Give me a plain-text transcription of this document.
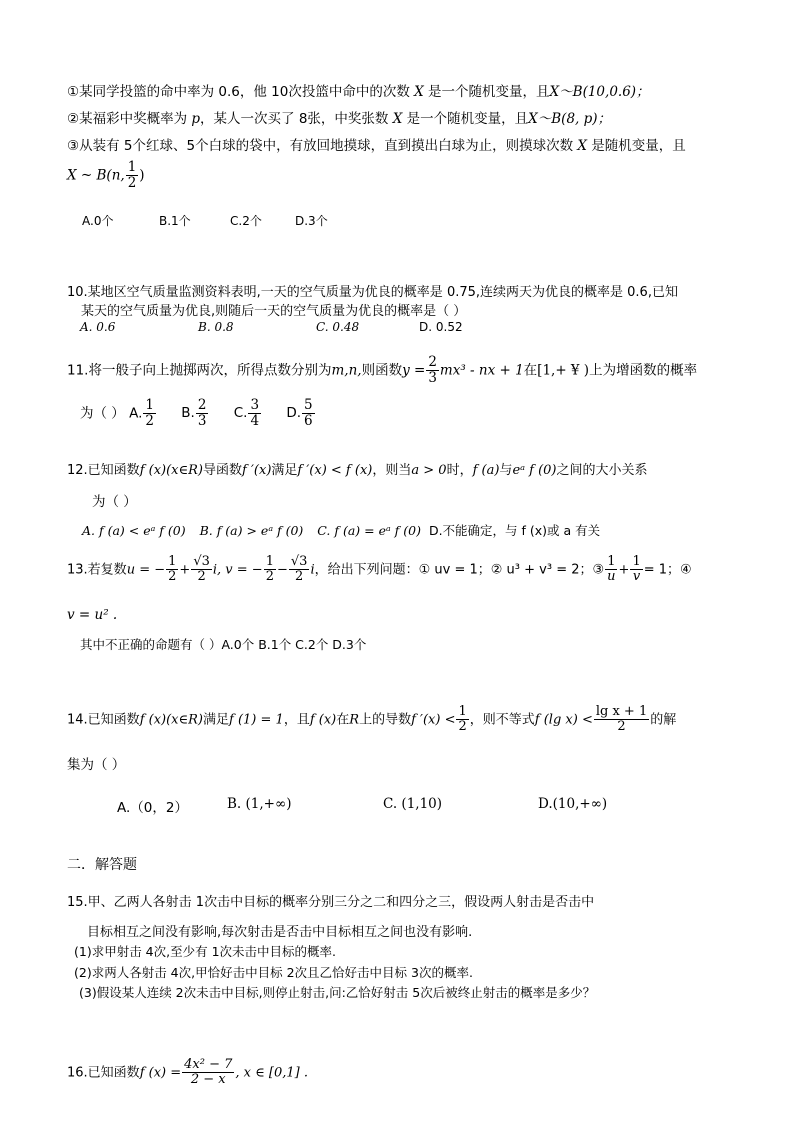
①某同学投篮的命中率为 0.6，他 10次投篮中命中的次数 X 是一个随机变量，且X～B(10,0.6)；
②某福彩中奖概率为 p，某人一次买了 8张，中奖张数 X 是一个随机变量，且X～B(8, p)；
③从装有 5个红球、5个白球的袋中，有放回地摸球，直到摸出白球为止，则摸球次数 X 是随机变量，且
X ~ B(n, $\frac{1}{2}$ )
A.0个	B.1个	C.2个	D.3个
10.某地区空气质量监测资料表明,一天的空气质量为优良的概率是 0.75,连续两天为优良的概率是 0.6,已知
某天的空气质量为优良,则随后一天的空气质量为优良的概率是（ ）
A. 0.6	B. 0.8	C. 0.48	D. 0.52
11.将一般子向上抛掷两次，所得点数分别为m,n,则函数$y = \frac{2}{3} mx^3$ - nx + 1在[1,+ ¥ )上为增函数的概率
为（ ） A. $\frac{1}{2} B$. $\frac{2}{3} C$. $\frac{3}{4} D$. $\frac{5}{6}$
12.已知函数f (x)(x∈R)导函数f ′(x)满足f ′(x) < f (x)，则当a > 0时，f (a)与eᵃ f (0)之间的大小关系
为（ ）
A. f (a) < eᵃ f (0) B. f (a) > eᵃ f (0) C. f (a) = eᵃ f (0) D.不能确定，与 f (x)或 a 有关
13.若复数u = − $\frac{1}{2} + \frac{√3}{2} i$, v = − $\frac{1}{2} - \frac{√3}{2}$ i，给出下列问题：① uv = 1；② u³ + v³ = 2；③ $\frac{1}{u} + \frac{1}{v} = 1$；④
v = u² .
其中不正确的命题有（ ）A.0个 B.1个 C.2个 D.3个
14.已知函数f (x)(x∈R)满足f (1) = 1，且f (x)在R上的导数f $'(x) < \frac{1}{2}$ ，则不等式f (lg $x) < \frac{\text{lg x + 1}}{2}$ 的解
集为（ ）
A.（0，2）	B. (1,+∞)	C. (1,10)	D.(10,+∞)
二．解答题
15.甲、乙两人各射击 1次击中目标的概率分别三分之二和四分之三，假设两人射击是否击中
目标相互之间没有影响,每次射击是否击中目标相互之间也没有影响.
(1)求甲射击 4次,至少有 1次未击中目标的概率.
(2)求两人各射击 4次,甲恰好击中目标 2次且乙恰好击中目标 3次的概率.
(3)假设某人连续 2次未击中目标,则停止射击,问:乙恰好射击 5次后被终止射击的概率是多少？
16.已知函数f $(x) = \frac{\text{4x² − 7}}{2 - x}$ , x ∈ [0,1] .
